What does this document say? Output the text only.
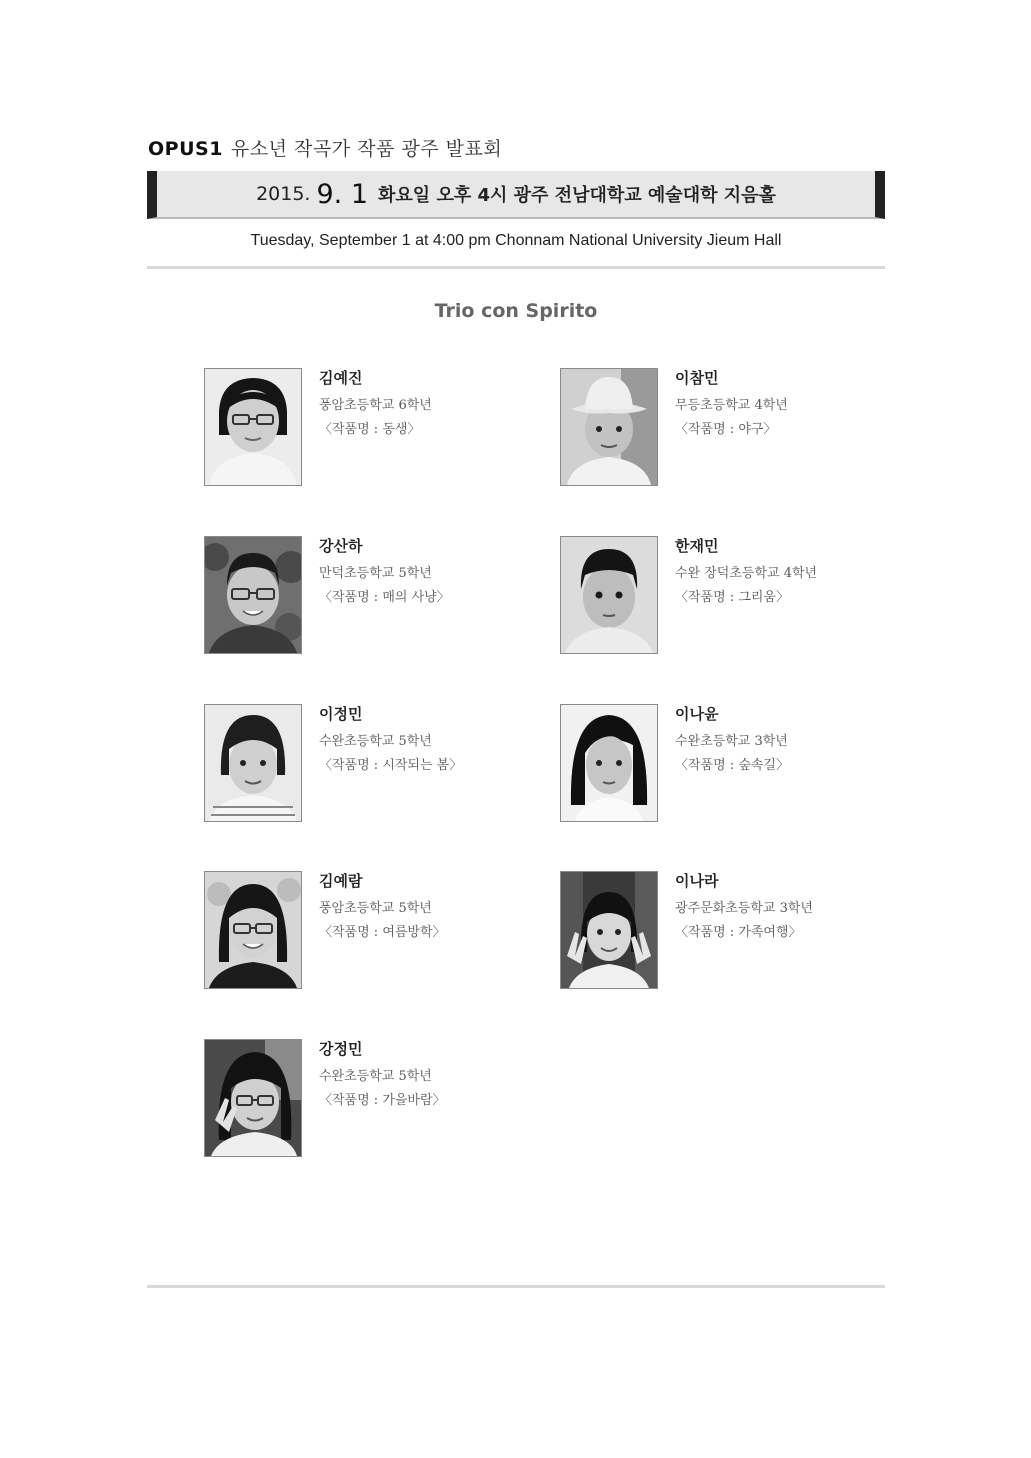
OPUS1 유소년 작곡가 작품 광주 발표회
2015. 9. 1 화요일 오후 4시 광주 전남대학교 예술대학 지음홀
Tuesday, September 1 at 4:00 pm Chonnam National University Jieum Hall
Trio con Spirito

김예진

풍암초등학교 6학년

〈작품명 : 동생〉

이참민

무등초등학교 4학년

〈작품명 : 야구〉

강산하

만덕초등학교 5학년

〈작품명 : 매의 사냥〉

한재민

수완 장덕초등학교 4학년

〈작품명 : 그리움〉

이정민

수완초등학교 5학년

〈작품명 : 시작되는 봄〉

이나윤

수완초등학교 3학년

〈작품명 : 숲속길〉

김예람

풍암초등학교 5학년

〈작품명 : 여름방학〉

이나라

광주문화초등학교 3학년

〈작품명 : 가족여행〉

강정민

수완초등학교 5학년

〈작품명 : 가을바람〉
